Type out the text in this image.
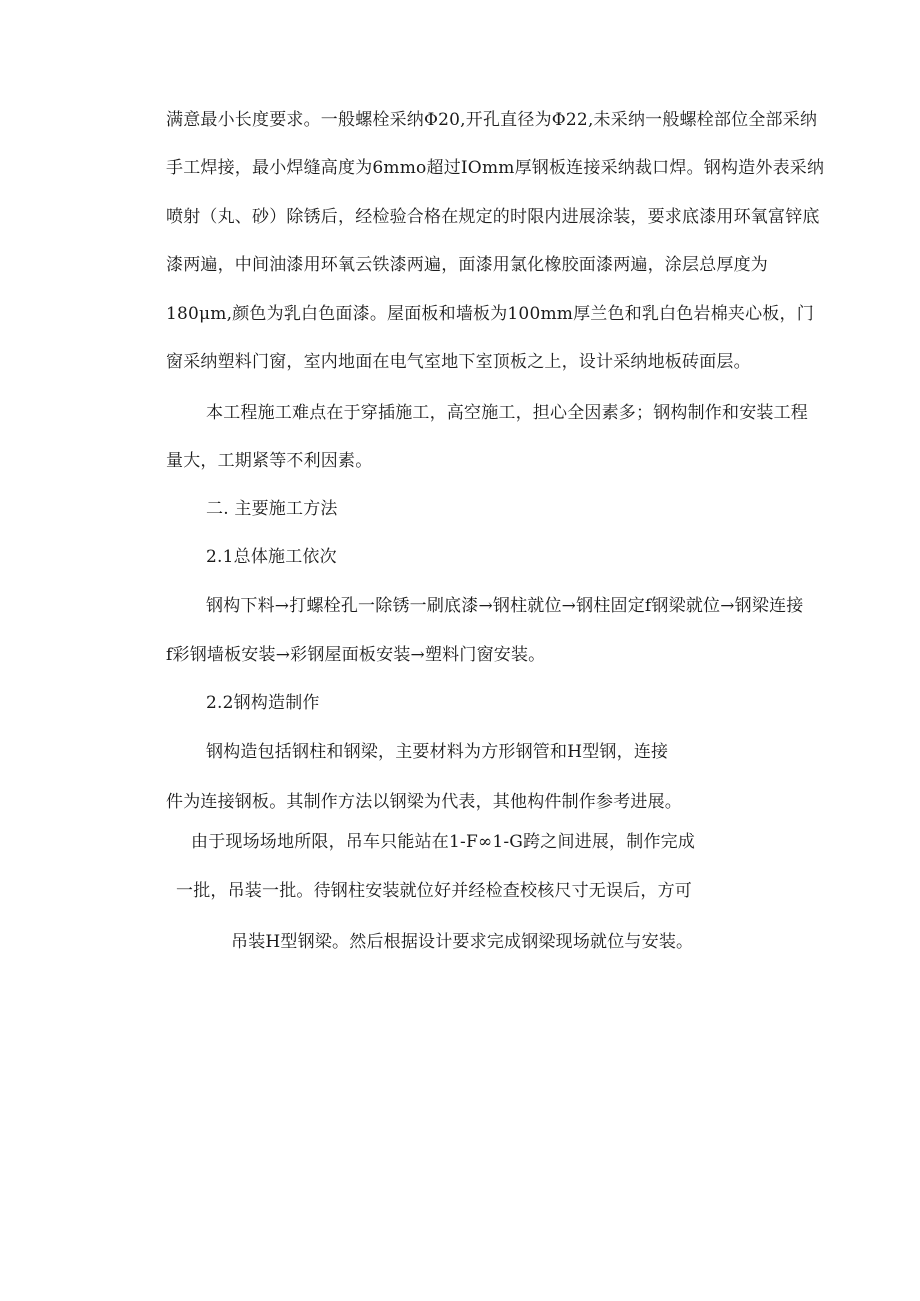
满意最小长度要求。一般螺栓采纳Φ20,开孔直径为Φ22,未采纳一般螺栓部位全部采纳
手工焊接，最小焊缝高度为6mmo超过IOmm厚钢板连接采纳裁口焊。钢构造外表采纳
喷射（丸、砂）除锈后，经检验合格在规定的时限内进展涂装，要求底漆用环氧富锌底
漆两遍，中间油漆用环氧云铁漆两遍，面漆用氯化橡胶面漆两遍，涂层总厚度为
180μm,颜色为乳白色面漆。屋面板和墙板为100mm厚兰色和乳白色岩棉夹心板，门
窗采纳塑料门窗，室内地面在电气室地下室顶板之上，设计采纳地板砖面层。
本工程施工难点在于穿插施工，高空施工，担心全因素多；钢构制作和安装工程
量大，工期紧等不利因素。
二. 主要施工方法
2.1总体施工依次
钢构下料→打螺栓孔一除锈一刷底漆→钢柱就位→钢柱固定f钢梁就位→钢梁连接
f彩钢墙板安装→彩钢屋面板安装→塑料门窗安装。
2.2钢构造制作
钢构造包括钢柱和钢梁，主要材料为方形钢管和H型钢，连接
件为连接钢板。其制作方法以钢梁为代表，其他构件制作参考进展。
由于现场场地所限，吊车只能站在1-F∞1-G跨之间进展，制作完成
一批，吊装一批。待钢柱安装就位好并经检查校核尺寸无误后，方可
吊装H型钢梁。然后根据设计要求完成钢梁现场就位与安装。
